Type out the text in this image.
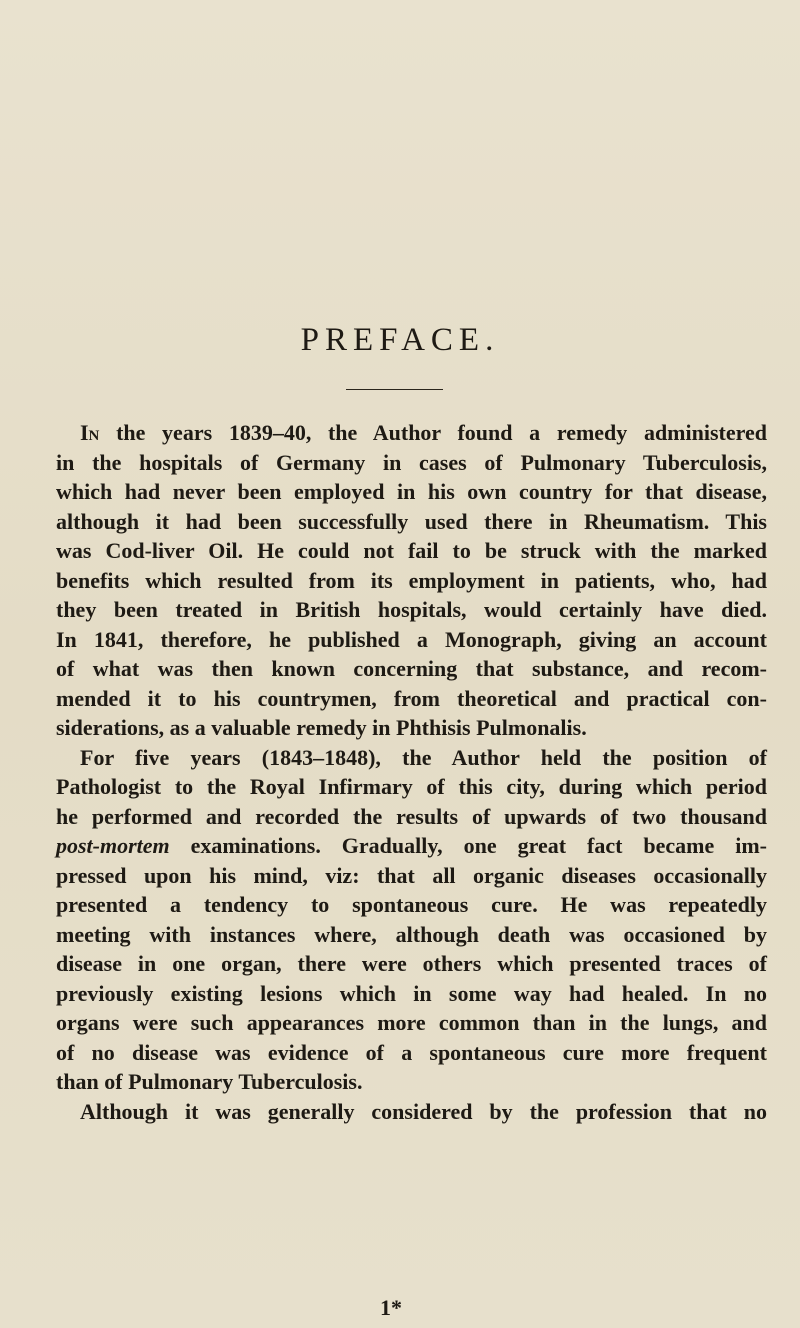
PREFACE.
In the years 1839–40, the Author found a remedy administered
in the hospitals of Germany in cases of Pulmonary Tuberculosis,
which had never been employed in his own country for that disease,
although it had been successfully used there in Rheumatism. This
was Cod-liver Oil. He could not fail to be struck with the marked
benefits which resulted from its employment in patients, who, had
they been treated in British hospitals, would certainly have died.
In 1841, therefore, he published a Monograph, giving an account
of what was then known concerning that substance, and recom-
mended it to his countrymen, from theoretical and practical con-
siderations, as a valuable remedy in Phthisis Pulmonalis.
For five years (1843–1848), the Author held the position of
Pathologist to the Royal Infirmary of this city, during which period
he performed and recorded the results of upwards of two thousand
post-mortem examinations. Gradually, one great fact became im-
pressed upon his mind, viz: that all organic diseases occasionally
presented a tendency to spontaneous cure. He was repeatedly
meeting with instances where, although death was occasioned by
disease in one organ, there were others which presented traces of
previously existing lesions which in some way had healed. In no
organs were such appearances more common than in the lungs, and
of no disease was evidence of a spontaneous cure more frequent
than of Pulmonary Tuberculosis.
Although it was generally considered by the profession that no
1*
